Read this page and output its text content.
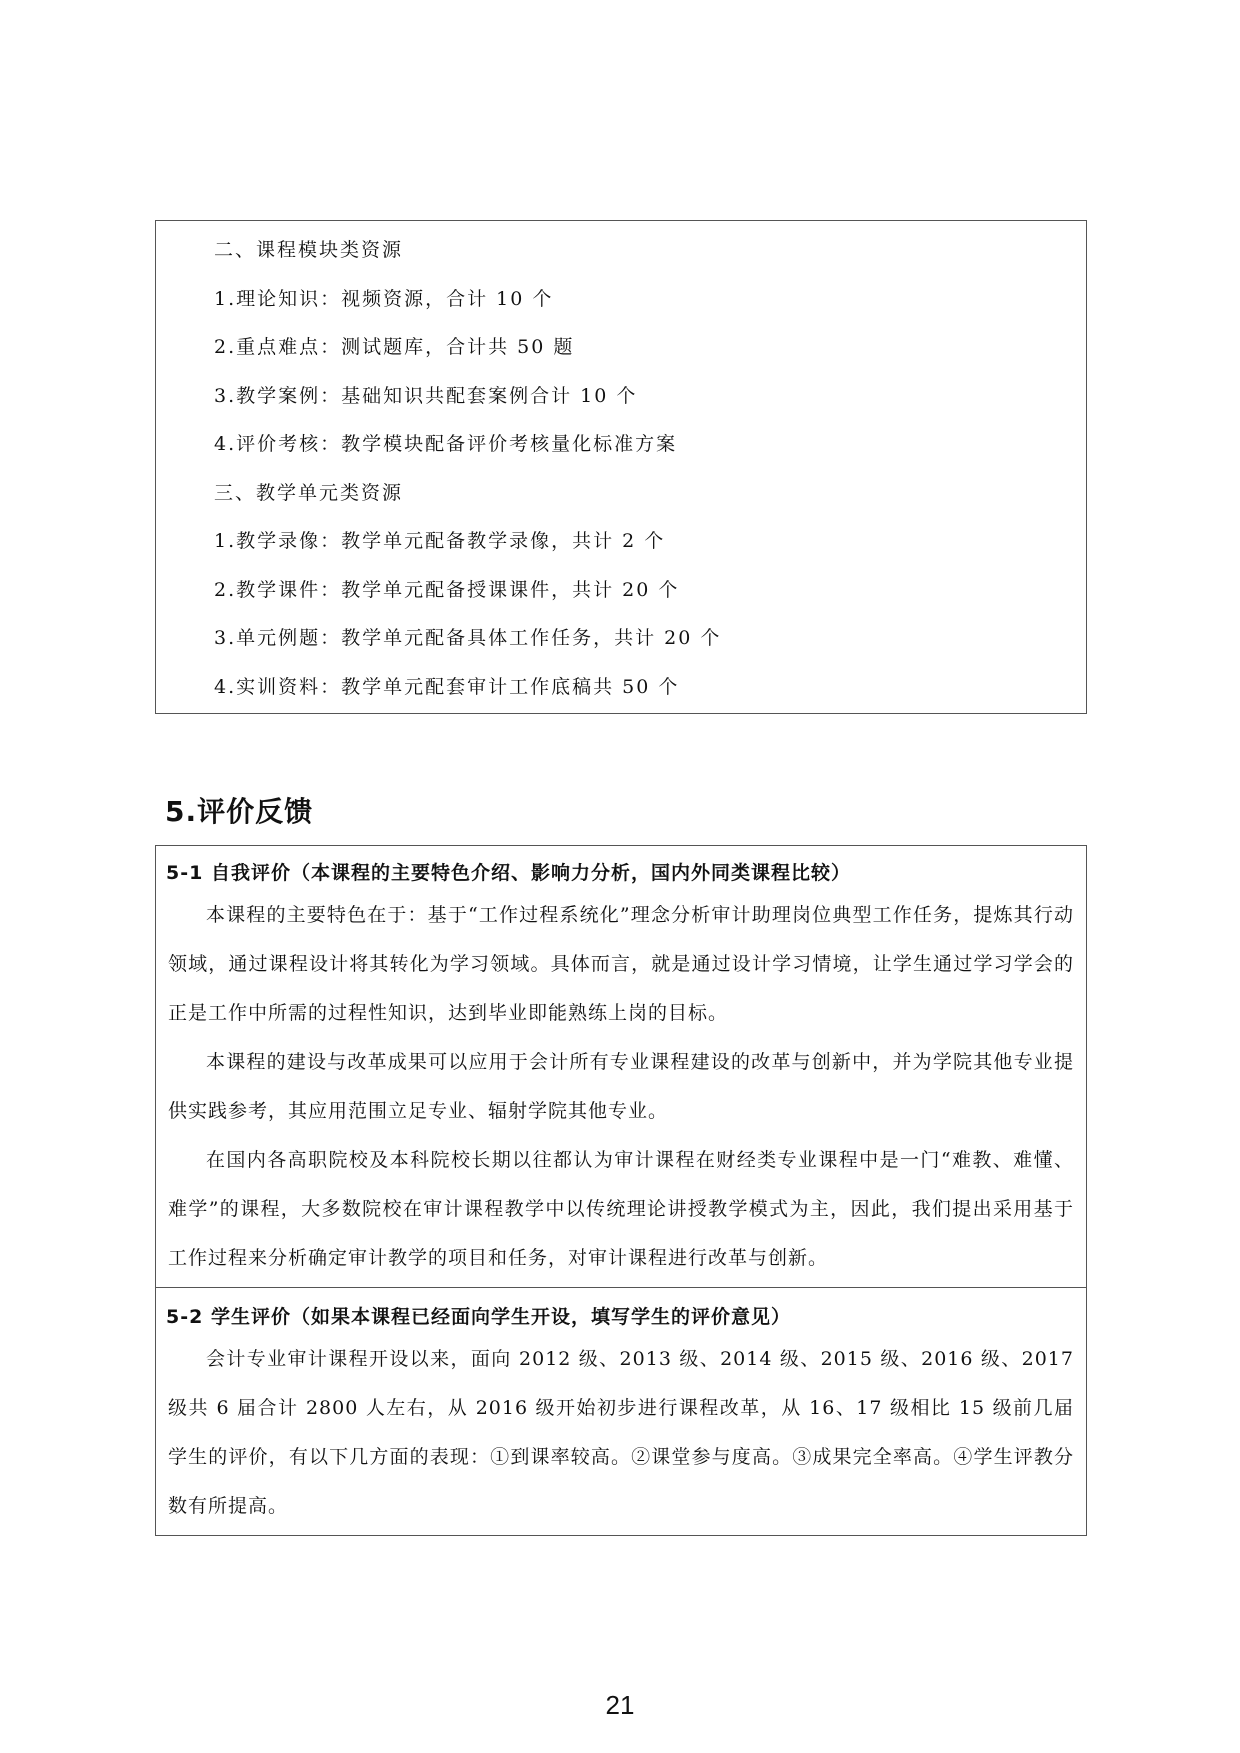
二、课程模块类资源
1.理论知识：视频资源，合计 10 个
2.重点难点：测试题库，合计共 50 题
3.教学案例：基础知识共配套案例合计 10 个
4.评价考核：教学模块配备评价考核量化标准方案
三、教学单元类资源
1.教学录像：教学单元配备教学录像，共计 2 个
2.教学课件：教学单元配备授课课件，共计 20 个
3.单元例题：教学单元配备具体工作任务，共计 20 个
4.实训资料：教学单元配套审计工作底稿共 50 个
5.评价反馈
5-1 自我评价（本课程的主要特色介绍、影响力分析，国内外同类课程比较）
本课程的主要特色在于：基于“工作过程系统化”理念分析审计助理岗位典型工作任务，提炼其行动领域，通过课程设计将其转化为学习领域。具体而言，就是通过设计学习情境，让学生通过学习学会的正是工作中所需的过程性知识，达到毕业即能熟练上岗的目标。
本课程的建设与改革成果可以应用于会计所有专业课程建设的改革与创新中，并为学院其他专业提供实践参考，其应用范围立足专业、辐射学院其他专业。
在国内各高职院校及本科院校长期以往都认为审计课程在财经类专业课程中是一门“难教、难懂、难学”的课程，大多数院校在审计课程教学中以传统理论讲授教学模式为主，因此，我们提出采用基于工作过程来分析确定审计教学的项目和任务，对审计课程进行改革与创新。
5-2 学生评价（如果本课程已经面向学生开设，填写学生的评价意见）
会计专业审计课程开设以来，面向 2012 级、2013 级、2014 级、2015 级、2016 级、2017级共 6 届合计 2800 人左右，从 2016 级开始初步进行课程改革，从 16、17 级相比 15 级前几届学生的评价，有以下几方面的表现：①到课率较高。②课堂参与度高。③成果完全率高。④学生评教分数有所提高。
21
